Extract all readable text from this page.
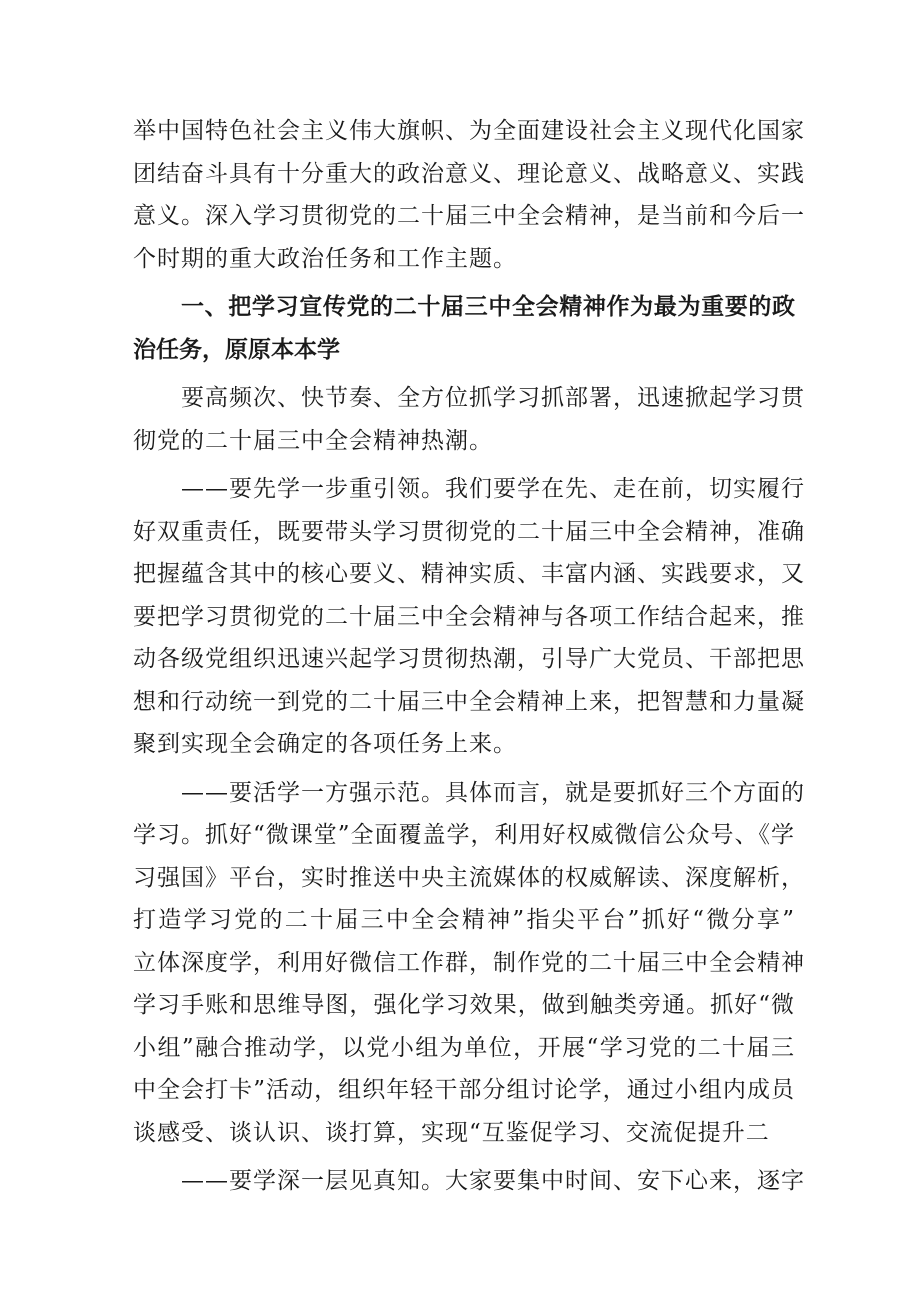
举中国特色社会主义伟大旗帜、为全面建设社会主义现代化国家
团结奋斗具有十分重大的政治意义、理论意义、战略意义、实践
意义。深入学习贯彻党的二十届三中全会精神，是当前和今后一
个时期的重大政治任务和工作主题。
一、把学习宣传党的二十届三中全会精神作为最为重要的政
治任务，原原本本学
要高频次、快节奏、全方位抓学习抓部署，迅速掀起学习贯
彻党的二十届三中全会精神热潮。
——要先学一步重引领。我们要学在先、走在前，切实履行
好双重责任，既要带头学习贯彻党的二十届三中全会精神，准确
把握蕴含其中的核心要义、精神实质、丰富内涵、实践要求，又
要把学习贯彻党的二十届三中全会精神与各项工作结合起来，推
动各级党组织迅速兴起学习贯彻热潮，引导广大党员、干部把思
想和行动统一到党的二十届三中全会精神上来，把智慧和力量凝
聚到实现全会确定的各项任务上来。
——要活学一方强示范。具体而言，就是要抓好三个方面的
学习。抓好“微课堂”全面覆盖学，利用好权威微信公众号、《学
习强国》平台，实时推送中央主流媒体的权威解读、深度解析，
打造学习党的二十届三中全会精神”指尖平台”抓好“微分享”
立体深度学，利用好微信工作群，制作党的二十届三中全会精神
学习手账和思维导图，强化学习效果，做到触类旁通。抓好“微
小组”融合推动学，以党小组为单位，开展“学习党的二十届三
中全会打卡”活动，组织年轻干部分组讨论学，通过小组内成员
谈感受、谈认识、谈打算，实现“互鉴促学习、交流促提升二
——要学深一层见真知。大家要集中时间、安下心来，逐字
